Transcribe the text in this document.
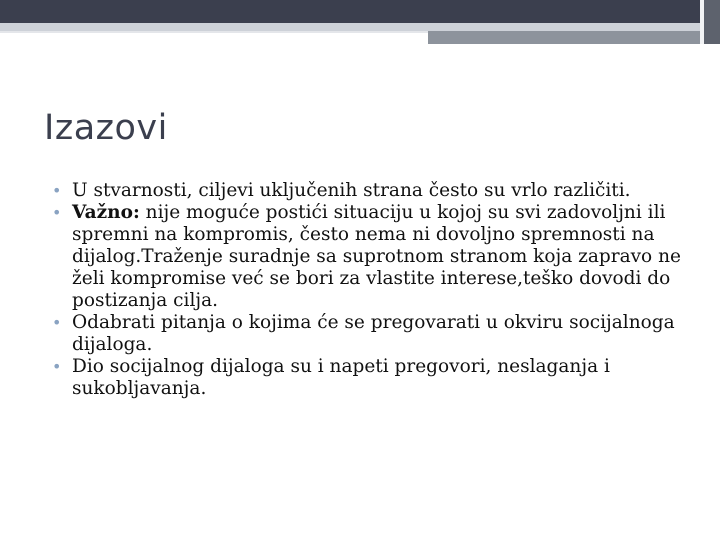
Izazovi
• U stvarnosti, ciljevi uključenih strana često su vrlo različiti.
• Važno: nije moguće postići situaciju u kojoj su svi zadovoljni ili spremni na kompromis, često nema ni dovoljno spremnosti na dijalog.Traženje suradnje sa suprotnom stranom koja zapravo ne želi kompromise već se bori za vlastite interese,teško dovodi do postizanja cilja.
• Odabrati pitanja o kojima će se pregovarati u okviru socijalnoga dijaloga.
• Dio socijalnog dijaloga su i napeti pregovori, neslaganja i sukobljavanja.
